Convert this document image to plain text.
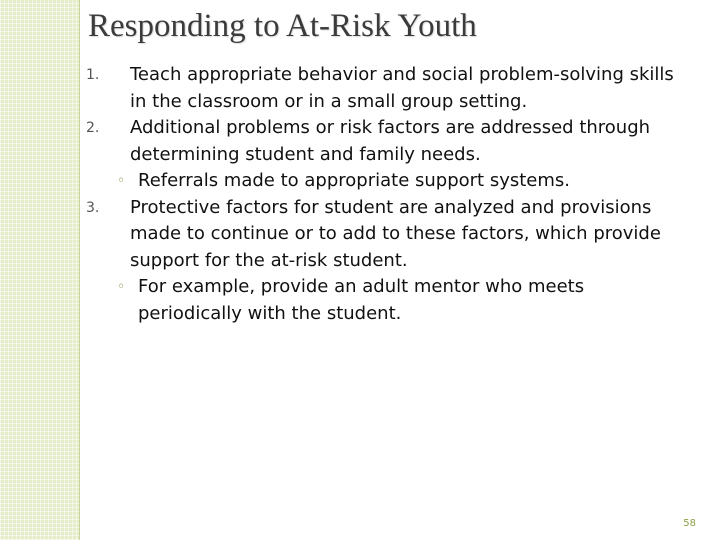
Responding to At-Risk Youth
1. Teach appropriate behavior and social problem-solving skills
in the classroom or in a small group setting.
2. Additional problems or risk factors are addressed through
determining student and family needs.
◦ Referrals made to appropriate support systems.
3. Protective factors for student are analyzed and provisions
made to continue or to add to these factors, which provide
support for the at-risk student.
◦ For example, provide an adult mentor who meets
periodically with the student.
58
